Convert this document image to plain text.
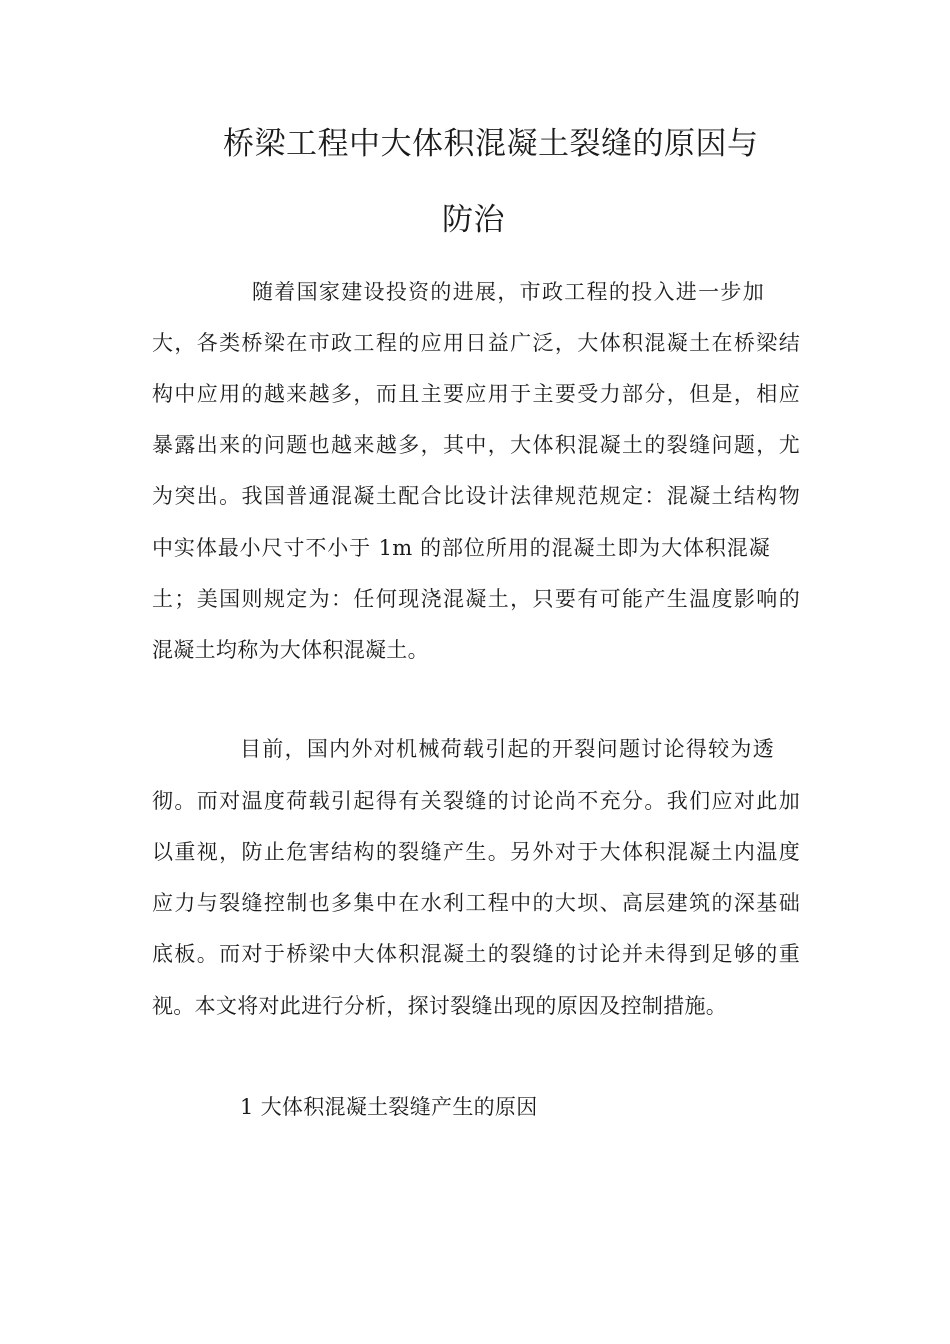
桥梁工程中大体积混凝土裂缝的原因与
防治
随着国家建设投资的进展，市政工程的投入进一步加
大，各类桥梁在市政工程的应用日益广泛，大体积混凝土在桥梁结
构中应用的越来越多，而且主要应用于主要受力部分，但是，相应
暴露出来的问题也越来越多，其中，大体积混凝土的裂缝问题，尤
为突出。我国普通混凝土配合比设计法律规范规定：混凝土结构物
中实体最小尺寸不小于 1m 的部位所用的混凝土即为大体积混凝
土；美国则规定为：任何现浇混凝土，只要有可能产生温度影响的
混凝土均称为大体积混凝土。
目前，国内外对机械荷载引起的开裂问题讨论得较为透
彻。而对温度荷载引起得有关裂缝的讨论尚不充分。我们应对此加
以重视，防止危害结构的裂缝产生。另外对于大体积混凝土内温度
应力与裂缝控制也多集中在水利工程中的大坝、高层建筑的深基础
底板。而对于桥梁中大体积混凝土的裂缝的讨论并未得到足够的重
视。本文将对此进行分析，探讨裂缝出现的原因及控制措施。
1 大体积混凝土裂缝产生的原因
